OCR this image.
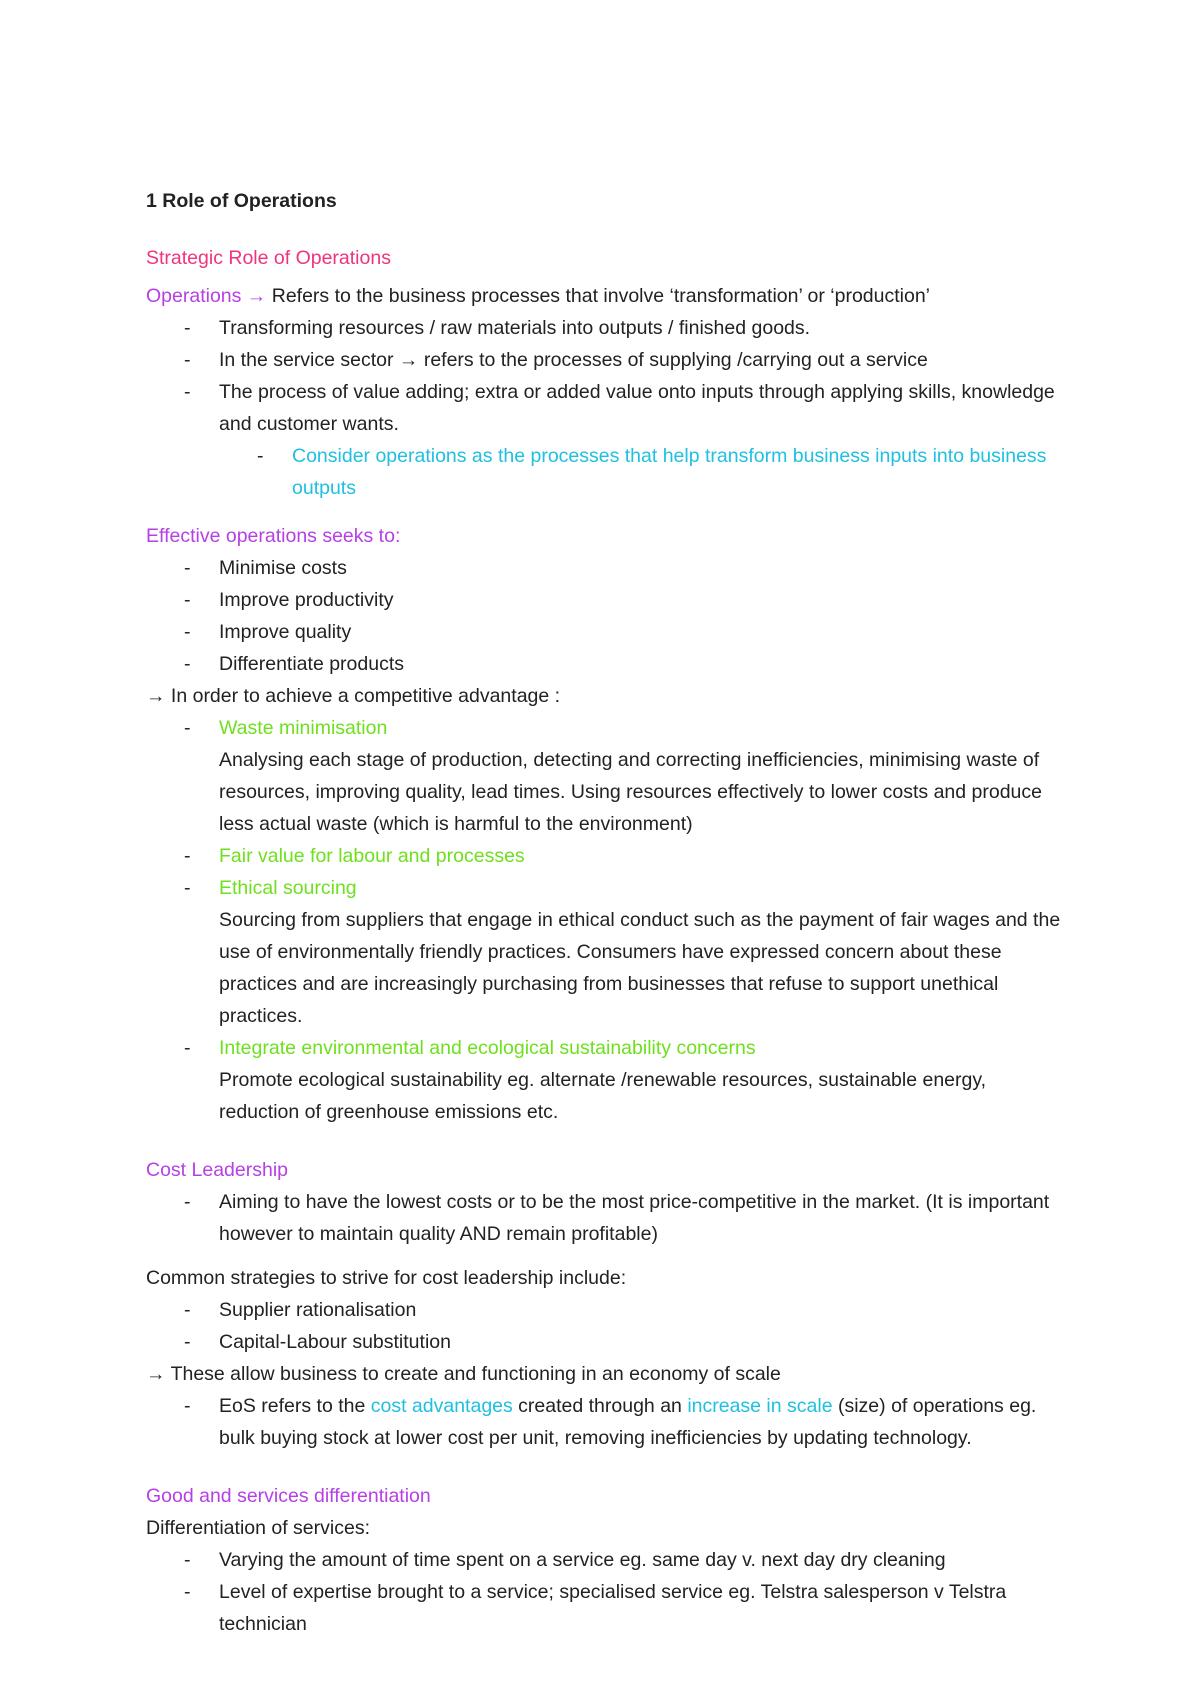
1 Role of Operations
Strategic Role of Operations

Operations → Refers to the business processes that involve ‘transformation’ or ‘production’

- Transforming resources / raw materials into outputs / finished goods.
- In the service sector → refers to the processes of supplying /carrying out a service
- The process of value adding; extra or added value onto inputs through applying skills, knowledge and customer wants.
- Consider operations as the processes that help transform business inputs into business outputs
Effective operations seeks to:
- Minimise costs
- Improve productivity
- Improve quality
- Differentiate products

→ In order to achieve a competitive advantage :

- Waste minimisation
Analysing each stage of production, detecting and correcting inefficiencies, minimising waste of resources, improving quality, lead times. Using resources effectively to lower costs and produce less actual waste (which is harmful to the environment)
- Fair value for labour and processes
- Ethical sourcing
Sourcing from suppliers that engage in ethical conduct such as the payment of fair wages and the use of environmentally friendly practices. Consumers have expressed concern about these practices and are increasingly purchasing from businesses that refuse to support unethical practices.
- Integrate environmental and ecological sustainability concerns
Promote ecological sustainability eg. alternate /renewable resources, sustainable energy, reduction of greenhouse emissions etc.
Cost Leadership
- Aiming to have the lowest costs or to be the most price-competitive in the market. (It is important however to maintain quality AND remain profitable)

Common strategies to strive for cost leadership include:

- Supplier rationalisation
- Capital-Labour substitution

→ These allow business to create and functioning in an economy of scale

- EoS refers to the cost advantages created through an increase in scale (size) of operations eg. bulk buying stock at lower cost per unit, removing inefficiencies by updating technology.
Good and services differentiation

Differentiation of services:

- Varying the amount of time spent on a service eg. same day v. next day dry cleaning
- Level of expertise brought to a service; specialised service eg. Telstra salesperson v Telstra technician
